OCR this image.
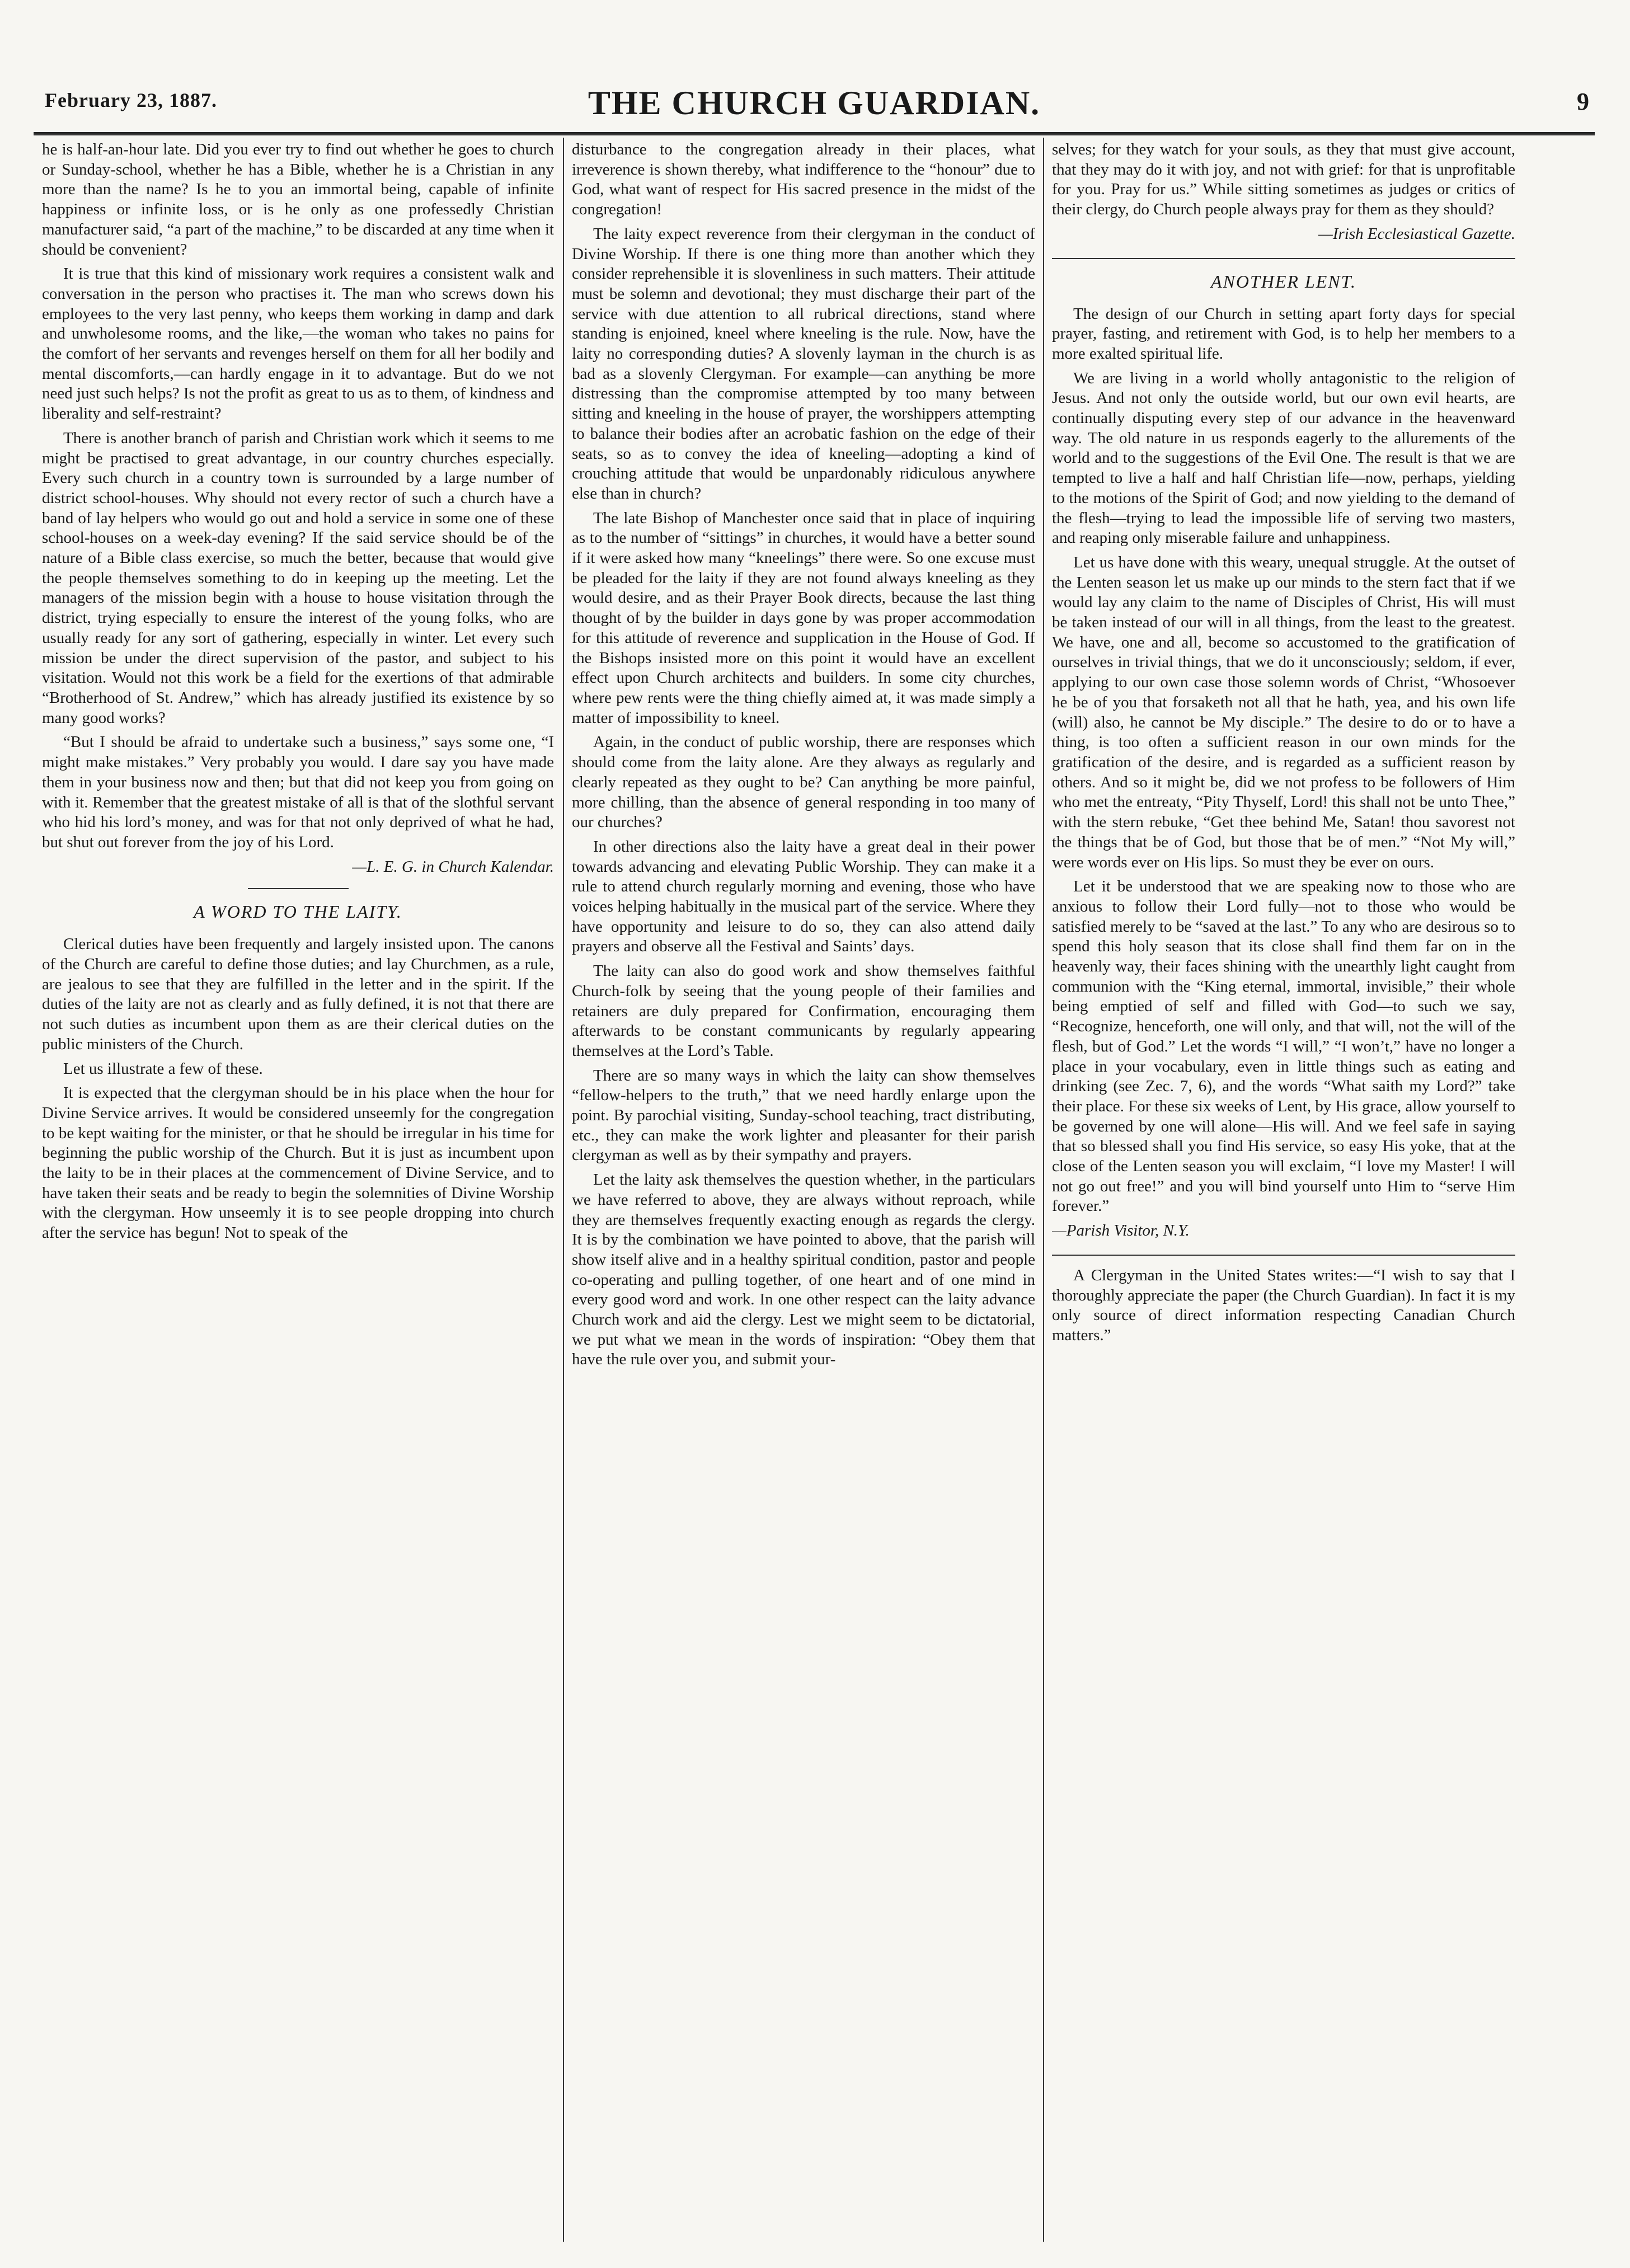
February 23, 1887.	THE CHURCH GUARDIAN.	9

he is half-an-hour late. Did you ever try to find out whether he goes to church or Sunday-school, whether he has a Bible, whether he is a Christian in any more than the name? Is he to you an immortal being, capable of infinite happiness or infinite loss, or is he only as one professedly Christian manufacturer said, “a part of the machine,” to be discarded at any time when it should be convenient?

It is true that this kind of missionary work requires a consistent walk and conversation in the person who practises it. The man who screws down his employees to the very last penny, who keeps them working in damp and dark and unwholesome rooms, and the like,—the woman who takes no pains for the comfort of her servants and revenges herself on them for all her bodily and mental discomforts,—can hardly engage in it to advantage. But do we not need just such helps? Is not the profit as great to us as to them, of kindness and liberality and self-restraint?

There is another branch of parish and Christian work which it seems to me might be practised to great advantage, in our country churches especially. Every such church in a country town is surrounded by a large number of district school-houses. Why should not every rector of such a church have a band of lay helpers who would go out and hold a service in some one of these school-houses on a week-day evening? If the said service should be of the nature of a Bible class exercise, so much the better, because that would give the people themselves something to do in keeping up the meeting. Let the managers of the mission begin with a house to house visitation through the district, trying especially to ensure the interest of the young folks, who are usually ready for any sort of gathering, especially in winter. Let every such mission be under the direct supervision of the pastor, and subject to his visitation. Would not this work be a field for the exertions of that admirable “Brotherhood of St. Andrew,” which has already justified its existence by so many good works?

“But I should be afraid to undertake such a business,” says some one, “I might make mistakes.” Very probably you would. I dare say you have made them in your business now and then; but that did not keep you from going on with it. Remember that the greatest mistake of all is that of the slothful servant who hid his lord’s money, and was for that not only deprived of what he had, but shut out forever from the joy of his Lord.

—L. E. G. in Church Kalendar.

A WORD TO THE LAITY.

Clerical duties have been frequently and largely insisted upon. The canons of the Church are careful to define those duties; and lay Churchmen, as a rule, are jealous to see that they are fulfilled in the letter and in the spirit. If the duties of the laity are not as clearly and as fully defined, it is not that there are not such duties as incumbent upon them as are their clerical duties on the public ministers of the Church.

Let us illustrate a few of these.

It is expected that the clergyman should be in his place when the hour for Divine Service arrives. It would be considered unseemly for the congregation to be kept waiting for the minister, or that he should be irregular in his time for beginning the public worship of the Church. But it is just as incumbent upon the laity to be in their places at the commencement of Divine Service, and to have taken their seats and be ready to begin the solemnities of Divine Worship with the clergyman. How unseemly it is to see people dropping into church after the service has begun! Not to speak of the

disturbance to the congregation already in their places, what irreverence is shown thereby, what indifference to the “honour” due to God, what want of respect for His sacred presence in the midst of the congregation!

The laity expect reverence from their clergyman in the conduct of Divine Worship. If there is one thing more than another which they consider reprehensible it is slovenliness in such matters. Their attitude must be solemn and devotional; they must discharge their part of the service with due attention to all rubrical directions, stand where standing is enjoined, kneel where kneeling is the rule. Now, have the laity no corresponding duties? A slovenly layman in the church is as bad as a slovenly Clergyman. For example—can anything be more distressing than the compromise attempted by too many between sitting and kneeling in the house of prayer, the worshippers attempting to balance their bodies after an acrobatic fashion on the edge of their seats, so as to convey the idea of kneeling—adopting a kind of crouching attitude that would be unpardonably ridiculous anywhere else than in church?

The late Bishop of Manchester once said that in place of inquiring as to the number of “sittings” in churches, it would have a better sound if it were asked how many “kneelings” there were. So one excuse must be pleaded for the laity if they are not found always kneeling as they would desire, and as their Prayer Book directs, because the last thing thought of by the builder in days gone by was proper accommodation for this attitude of reverence and supplication in the House of God. If the Bishops insisted more on this point it would have an excellent effect upon Church architects and builders. In some city churches, where pew rents were the thing chiefly aimed at, it was made simply a matter of impossibility to kneel.

Again, in the conduct of public worship, there are responses which should come from the laity alone. Are they always as regularly and clearly repeated as they ought to be? Can anything be more painful, more chilling, than the absence of general responding in too many of our churches?

In other directions also the laity have a great deal in their power towards advancing and elevating Public Worship. They can make it a rule to attend church regularly morning and evening, those who have voices helping habitually in the musical part of the service. Where they have opportunity and leisure to do so, they can also attend daily prayers and observe all the Festival and Saints’ days.

The laity can also do good work and show themselves faithful Church-folk by seeing that the young people of their families and retainers are duly prepared for Confirmation, encouraging them afterwards to be constant communicants by regularly appearing themselves at the Lord’s Table.

There are so many ways in which the laity can show themselves “fellow-helpers to the truth,” that we need hardly enlarge upon the point. By parochial visiting, Sunday-school teaching, tract distributing, etc., they can make the work lighter and pleasanter for their parish clergyman as well as by their sympathy and prayers.

Let the laity ask themselves the question whether, in the particulars we have referred to above, they are always without reproach, while they are themselves frequently exacting enough as regards the clergy. It is by the combination we have pointed to above, that the parish will show itself alive and in a healthy spiritual condition, pastor and people co-operating and pulling together, of one heart and of one mind in every good word and work. In one other respect can the laity advance Church work and aid the clergy. Lest we might seem to be dictatorial, we put what we mean in the words of inspiration: “Obey them that have the rule over you, and submit your-

selves; for they watch for your souls, as they that must give account, that they may do it with joy, and not with grief: for that is unprofitable for you. Pray for us.” While sitting sometimes as judges or critics of their clergy, do Church people always pray for them as they should?

—Irish Ecclesiastical Gazette.

ANOTHER LENT.

The design of our Church in setting apart forty days for special prayer, fasting, and retirement with God, is to help her members to a more exalted spiritual life.

We are living in a world wholly antagonistic to the religion of Jesus. And not only the outside world, but our own evil hearts, are continually disputing every step of our advance in the heavenward way. The old nature in us responds eagerly to the allurements of the world and to the suggestions of the Evil One. The result is that we are tempted to live a half and half Christian life—now, perhaps, yielding to the motions of the Spirit of God; and now yielding to the demand of the flesh—trying to lead the impossible life of serving two masters, and reaping only miserable failure and unhappiness.

Let us have done with this weary, unequal struggle. At the outset of the Lenten season let us make up our minds to the stern fact that if we would lay any claim to the name of Disciples of Christ, His will must be taken instead of our will in all things, from the least to the greatest. We have, one and all, become so accustomed to the gratification of ourselves in trivial things, that we do it unconsciously; seldom, if ever, applying to our own case those solemn words of Christ, “Whosoever he be of you that forsaketh not all that he hath, yea, and his own life (will) also, he cannot be My disciple.” The desire to do or to have a thing, is too often a sufficient reason in our own minds for the gratification of the desire, and is regarded as a sufficient reason by others. And so it might be, did we not profess to be followers of Him who met the entreaty, “Pity Thyself, Lord! this shall not be unto Thee,” with the stern rebuke, “Get thee behind Me, Satan! thou savorest not the things that be of God, but those that be of men.” “Not My will,” were words ever on His lips. So must they be ever on ours.

Let it be understood that we are speaking now to those who are anxious to follow their Lord fully—not to those who would be satisfied merely to be “saved at the last.” To any who are desirous so to spend this holy season that its close shall find them far on in the heavenly way, their faces shining with the unearthly light caught from communion with the “King eternal, immortal, invisible,” their whole being emptied of self and filled with God—to such we say, “Recognize, henceforth, one will only, and that will, not the will of the flesh, but of God.” Let the words “I will,” “I won’t,” have no longer a place in your vocabulary, even in little things such as eating and drinking (see Zec. 7, 6), and the words “What saith my Lord?” take their place. For these six weeks of Lent, by His grace, allow yourself to be governed by one will alone—His will. And we feel safe in saying that so blessed shall you find His service, so easy His yoke, that at the close of the Lenten season you will exclaim, “I love my Master! I will not go out free!” and you will bind yourself unto Him to “serve Him forever.”

—Parish Visitor, N.Y.

A Clergyman in the United States writes:—“I wish to say that I thoroughly appreciate the paper (the Church Guardian). In fact it is my only source of direct information respecting Canadian Church matters.”
